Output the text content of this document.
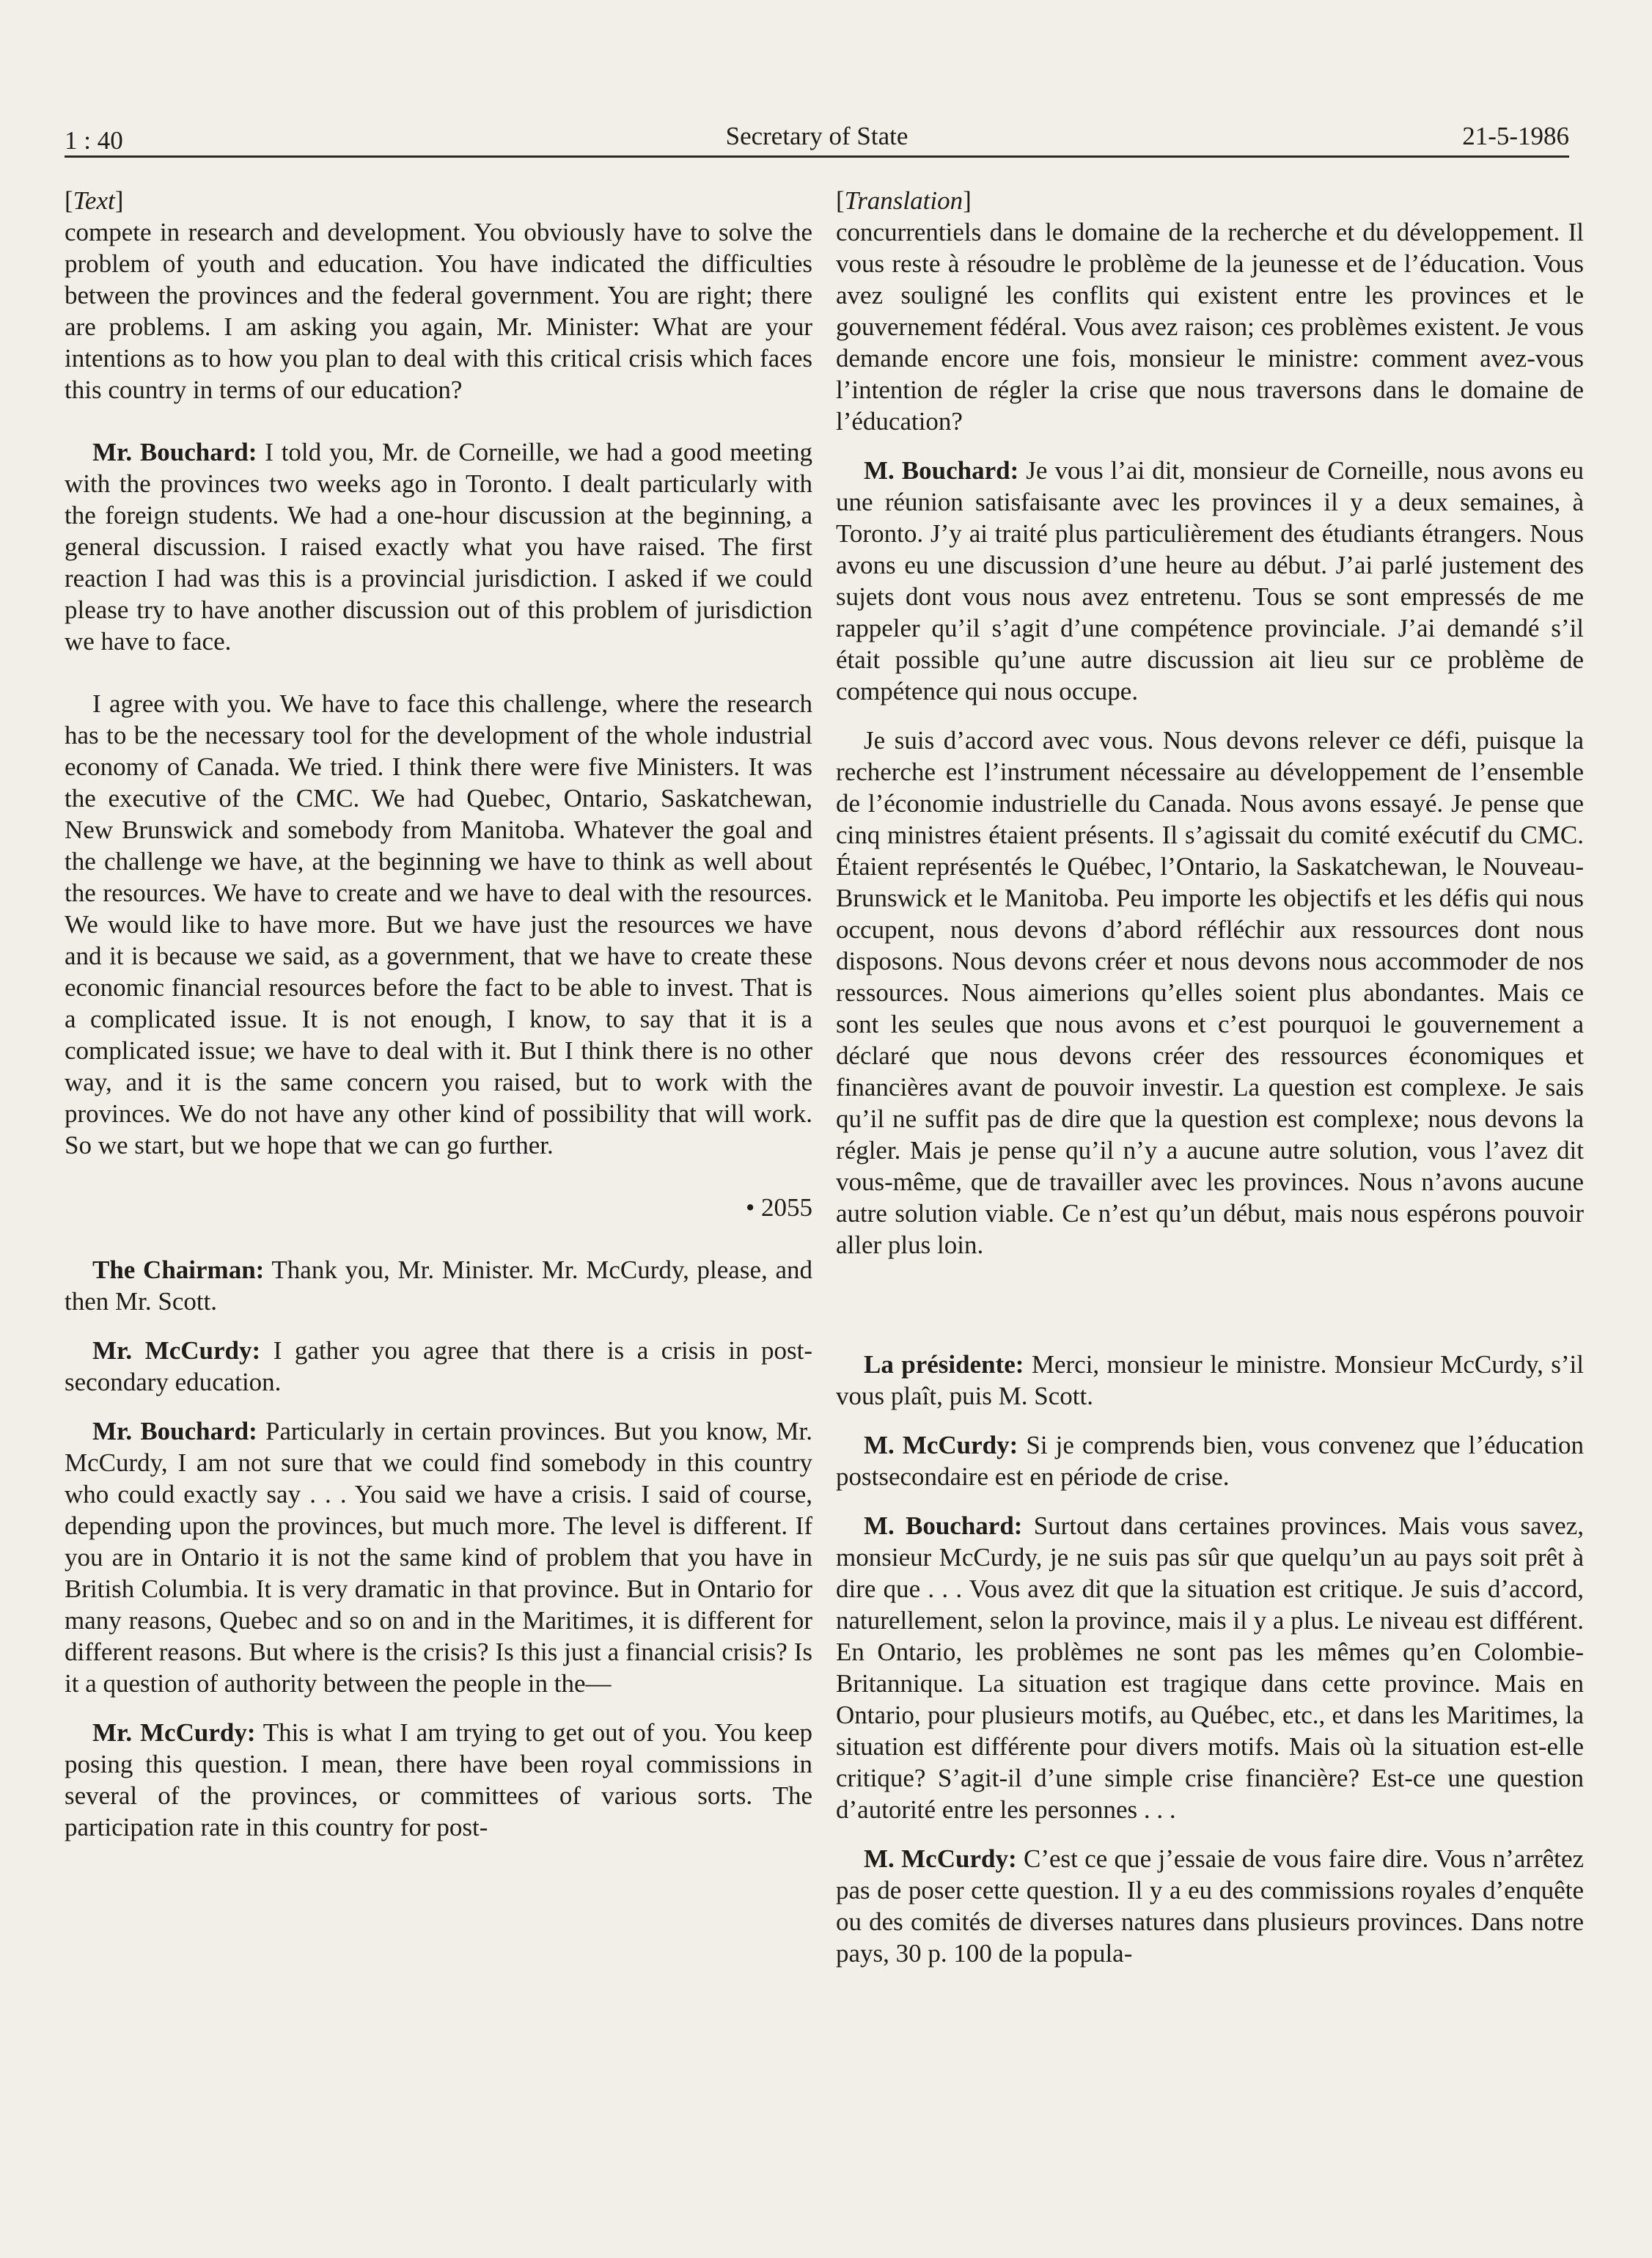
1 : 40	Secretary of State	21-5-1986

[Text]

compete in research and development. You obviously have to solve the problem of youth and education. You have indicated the difficulties between the provinces and the federal government. You are right; there are problems. I am asking you again, Mr. Minister: What are your intentions as to how you plan to deal with this critical crisis which faces this country in terms of our education?

Mr. Bouchard: I told you, Mr. de Corneille, we had a good meeting with the provinces two weeks ago in Toronto. I dealt particularly with the foreign students. We had a one-hour discussion at the beginning, a general discussion. I raised exactly what you have raised. The first reaction I had was this is a provincial jurisdiction. I asked if we could please try to have another discussion out of this problem of jurisdiction we have to face.

I agree with you. We have to face this challenge, where the research has to be the necessary tool for the development of the whole industrial economy of Canada. We tried. I think there were five Ministers. It was the executive of the CMC. We had Quebec, Ontario, Saskatchewan, New Brunswick and somebody from Manitoba. Whatever the goal and the challenge we have, at the beginning we have to think as well about the resources. We have to create and we have to deal with the resources. We would like to have more. But we have just the resources we have and it is because we said, as a government, that we have to create these economic financial resources before the fact to be able to invest. That is a complicated issue. It is not enough, I know, to say that it is a complicated issue; we have to deal with it. But I think there is no other way, and it is the same concern you raised, but to work with the provinces. We do not have any other kind of possibility that will work. So we start, but we hope that we can go further.

• 2055

The Chairman: Thank you, Mr. Minister. Mr. McCurdy, please, and then Mr. Scott.

Mr. McCurdy: I gather you agree that there is a crisis in post-secondary education.

Mr. Bouchard: Particularly in certain provinces. But you know, Mr. McCurdy, I am not sure that we could find somebody in this country who could exactly say . . . You said we have a crisis. I said of course, depending upon the provinces, but much more. The level is different. If you are in Ontario it is not the same kind of problem that you have in British Columbia. It is very dramatic in that province. But in Ontario for many reasons, Quebec and so on and in the Maritimes, it is different for different reasons. But where is the crisis? Is this just a financial crisis? Is it a question of authority between the people in the—

Mr. McCurdy: This is what I am trying to get out of you. You keep posing this question. I mean, there have been royal commissions in several of the provinces, or committees of various sorts. The participation rate in this country for post-

[Translation]

concurrentiels dans le domaine de la recherche et du développement. Il vous reste à résoudre le problème de la jeunesse et de l’éducation. Vous avez souligné les conflits qui existent entre les provinces et le gouvernement fédéral. Vous avez raison; ces problèmes existent. Je vous demande encore une fois, monsieur le ministre: comment avez-vous l’intention de régler la crise que nous traversons dans le domaine de l’éducation?

M. Bouchard: Je vous l’ai dit, monsieur de Corneille, nous avons eu une réunion satisfaisante avec les provinces il y a deux semaines, à Toronto. J’y ai traité plus particulièrement des étudiants étrangers. Nous avons eu une discussion d’une heure au début. J’ai parlé justement des sujets dont vous nous avez entretenu. Tous se sont empressés de me rappeler qu’il s’agit d’une compétence provinciale. J’ai demandé s’il était possible qu’une autre discussion ait lieu sur ce problème de compétence qui nous occupe.

Je suis d’accord avec vous. Nous devons relever ce défi, puisque la recherche est l’instrument nécessaire au développement de l’ensemble de l’économie industrielle du Canada. Nous avons essayé. Je pense que cinq ministres étaient présents. Il s’agissait du comité exécutif du CMC. Étaient représentés le Québec, l’Ontario, la Saskatchewan, le Nouveau-Brunswick et le Manitoba. Peu importe les objectifs et les défis qui nous occupent, nous devons d’abord réfléchir aux ressources dont nous disposons. Nous devons créer et nous devons nous accommoder de nos ressources. Nous aimerions qu’elles soient plus abondantes. Mais ce sont les seules que nous avons et c’est pourquoi le gouvernement a déclaré que nous devons créer des ressources économiques et financières avant de pouvoir investir. La question est complexe. Je sais qu’il ne suffit pas de dire que la question est complexe; nous devons la régler. Mais je pense qu’il n’y a aucune autre solution, vous l’avez dit vous-même, que de travailler avec les provinces. Nous n’avons aucune autre solution viable. Ce n’est qu’un début, mais nous espérons pouvoir aller plus loin.

La présidente: Merci, monsieur le ministre. Monsieur McCurdy, s’il vous plaît, puis M. Scott.

M. McCurdy: Si je comprends bien, vous convenez que l’éducation postsecondaire est en période de crise.

M. Bouchard: Surtout dans certaines provinces. Mais vous savez, monsieur McCurdy, je ne suis pas sûr que quelqu’un au pays soit prêt à dire que . . . Vous avez dit que la situation est critique. Je suis d’accord, naturellement, selon la province, mais il y a plus. Le niveau est différent. En Ontario, les problèmes ne sont pas les mêmes qu’en Colombie-Britannique. La situation est tragique dans cette province. Mais en Ontario, pour plusieurs motifs, au Québec, etc., et dans les Maritimes, la situation est différente pour divers motifs. Mais où la situation est-elle critique? S’agit-il d’une simple crise financière? Est-ce une question d’autorité entre les personnes . . .

M. McCurdy: C’est ce que j’essaie de vous faire dire. Vous n’arrêtez pas de poser cette question. Il y a eu des commissions royales d’enquête ou des comités de diverses natures dans plusieurs provinces. Dans notre pays, 30 p. 100 de la popula-
